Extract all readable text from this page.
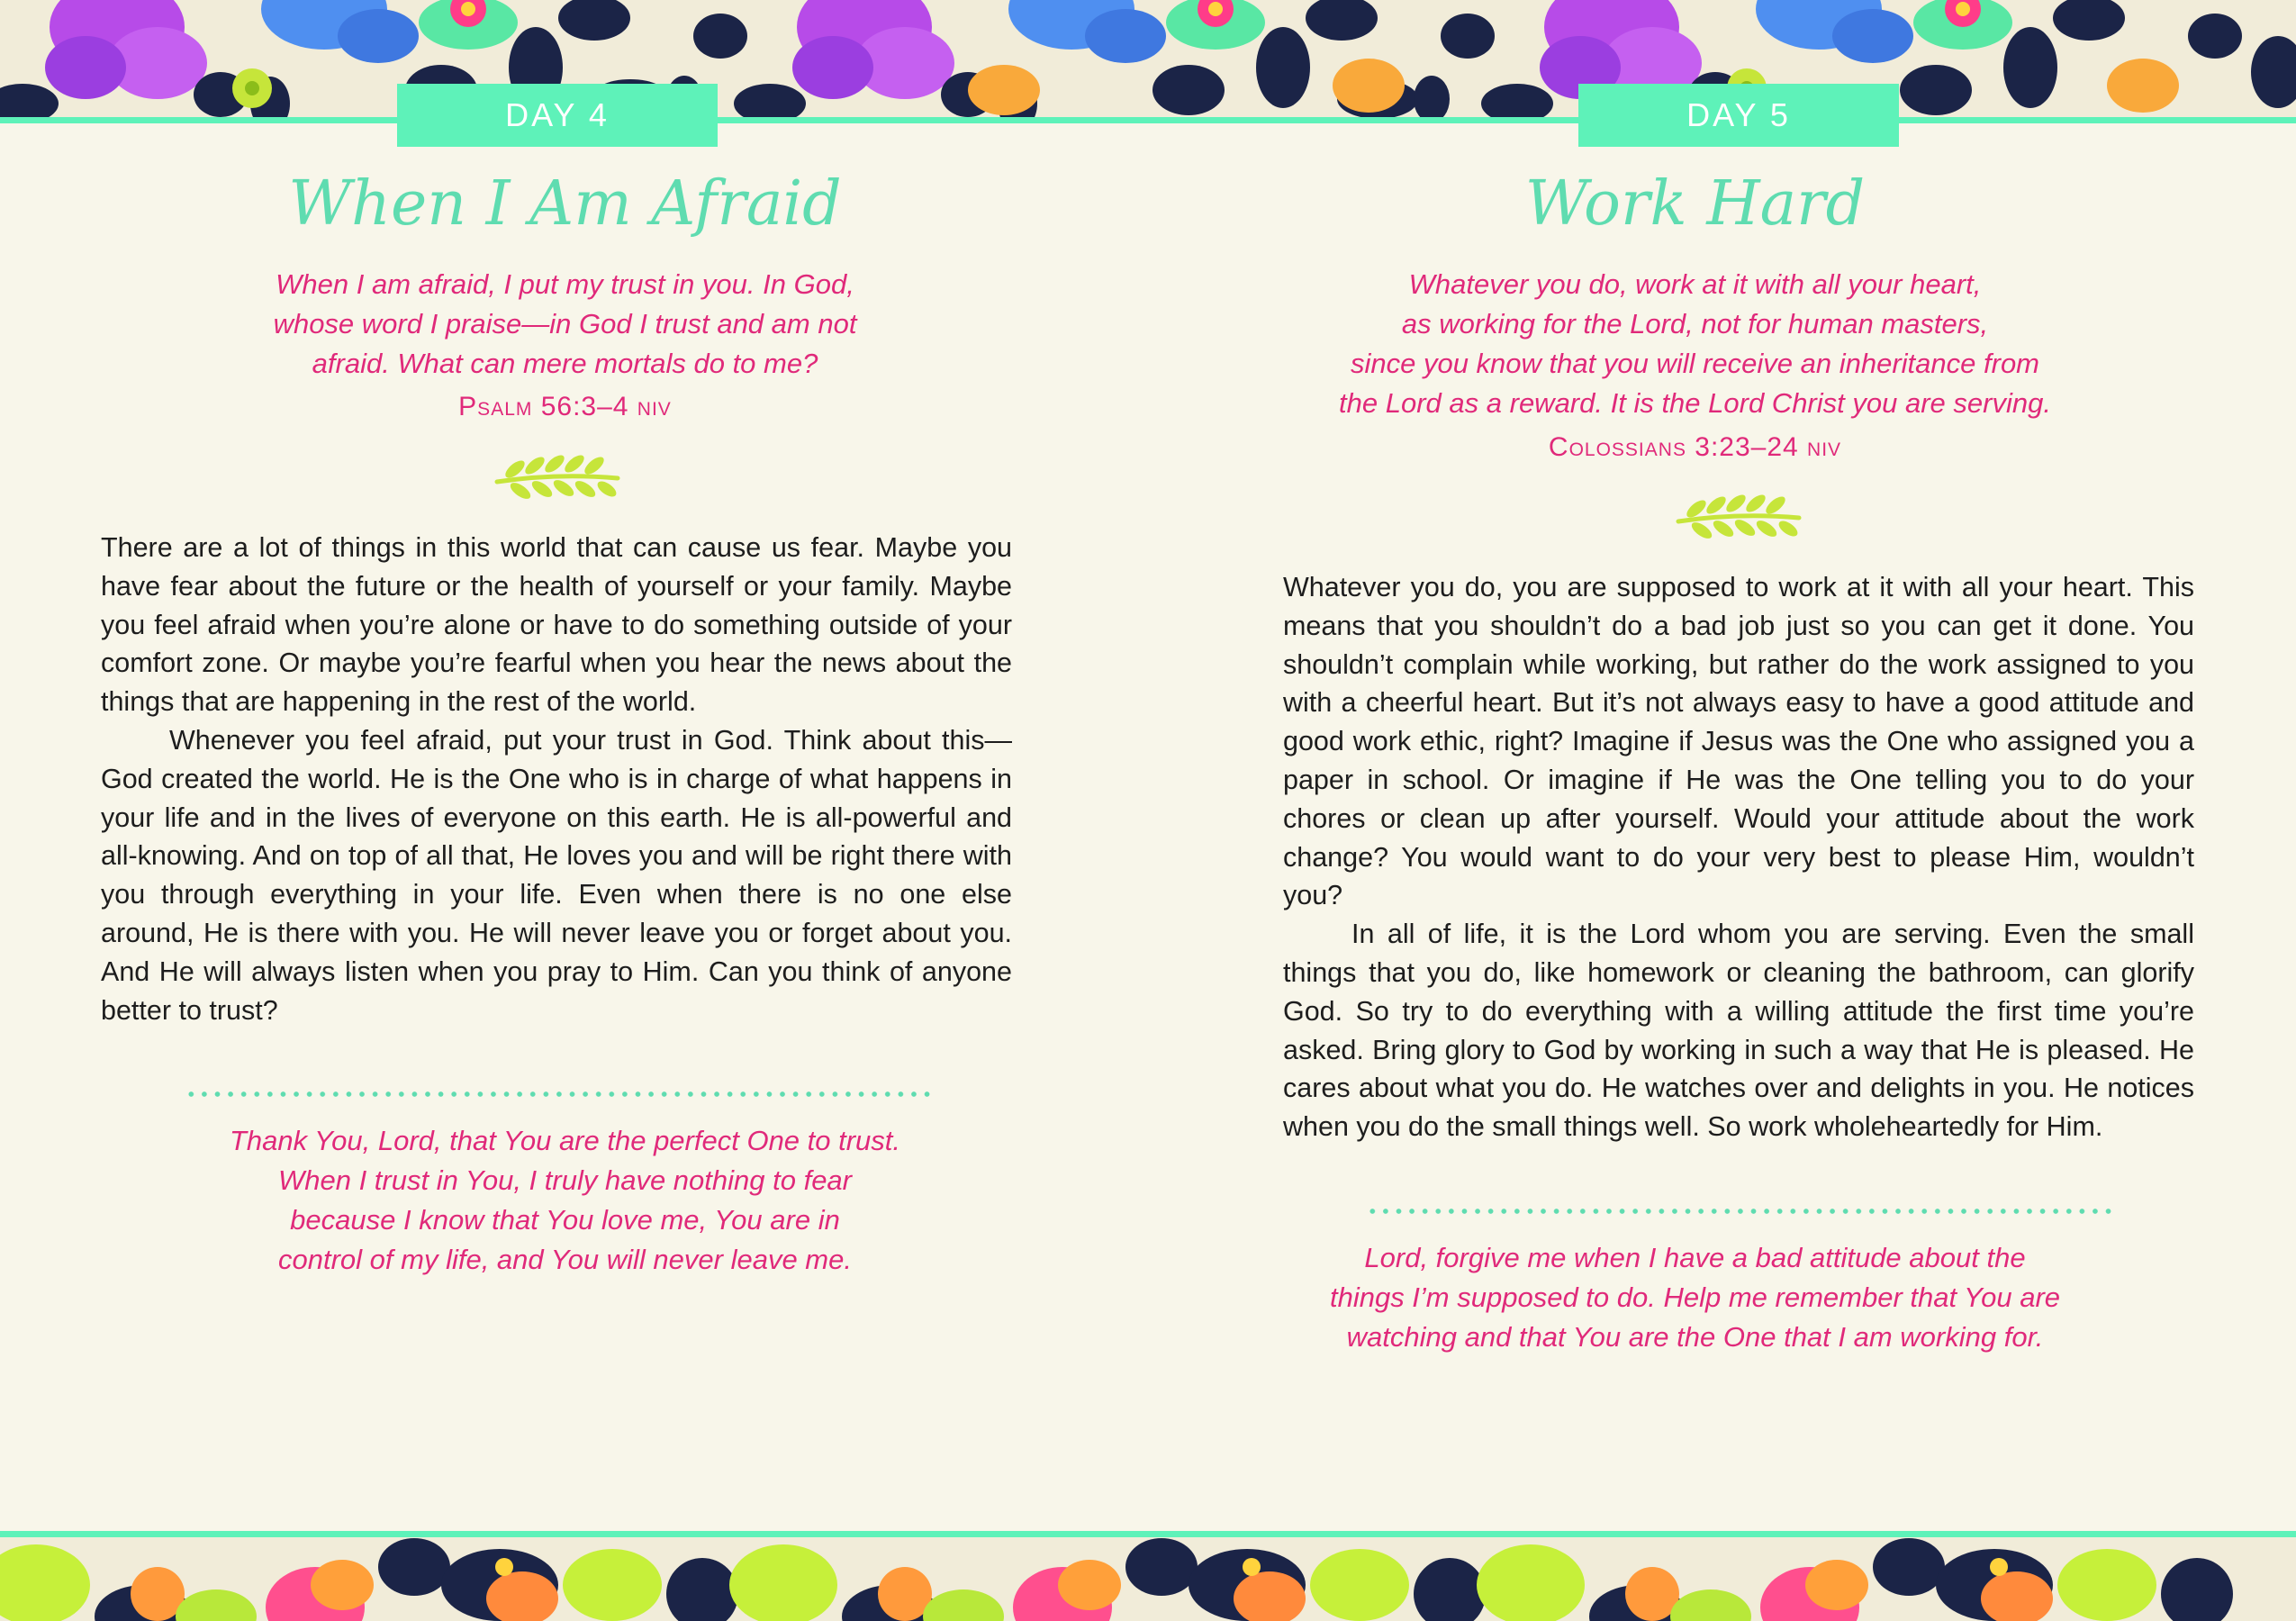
DAY 4
When I Am Afraid
When I am afraid, I put my trust in you. In God,
whose word I praise—in God I trust and am not
afraid. What can mere mortals do to me?
Psalm 56:3–4 niv

There are a lot of things in this world that can cause us fear. Maybe you have fear about the future or the health of yourself or your family. Maybe you feel afraid when you’re alone or have to do something outside of your comfort zone. Or maybe you’re fearful when you hear the news about the things that are happening in the rest of the world.

Whenever you feel afraid, put your trust in God. Think about this—God created the world. He is the One who is in charge of what happens in your life and in the lives of everyone on this earth. He is all-powerful and all-knowing. And on top of all that, He loves you and will be right there with you through everything in your life. Even when there is no one else around, He is there with you. He will never leave you or forget about you. And He will always listen when you pray to Him. Can you think of anyone better to trust?

Thank You, Lord, that You are the perfect One to trust.
When I trust in You, I truly have nothing to fear
because I know that You love me, You are in
control of my life, and You will never leave me.
DAY 5
Work Hard
Whatever you do, work at it with all your heart,
as working for the Lord, not for human masters,
since you know that you will receive an inheritance from
the Lord as a reward. It is the Lord Christ you are serving.
Colossians 3:23–24 niv

Whatever you do, you are supposed to work at it with all your heart. This means that you shouldn’t do a bad job just so you can get it done. You shouldn’t complain while working, but rather do the work assigned to you with a cheerful heart. But it’s not always easy to have a good attitude and good work ethic, right? Imagine if Jesus was the One who assigned you a paper in school. Or imagine if He was the One telling you to do your chores or clean up after yourself. Would your attitude about the work change? You would want to do your very best to please Him, wouldn’t you?

In all of life, it is the Lord whom you are serving. Even the small things that you do, like homework or cleaning the bathroom, can glorify God. So try to do everything with a willing attitude the first time you’re asked. Bring glory to God by working in such a way that He is pleased. He cares about what you do. He watches over and delights in you. He notices when you do the small things well. So work wholeheartedly for Him.

Lord, forgive me when I have a bad attitude about the
things I’m supposed to do. Help me remember that You are
watching and that You are the One that I am working for.
